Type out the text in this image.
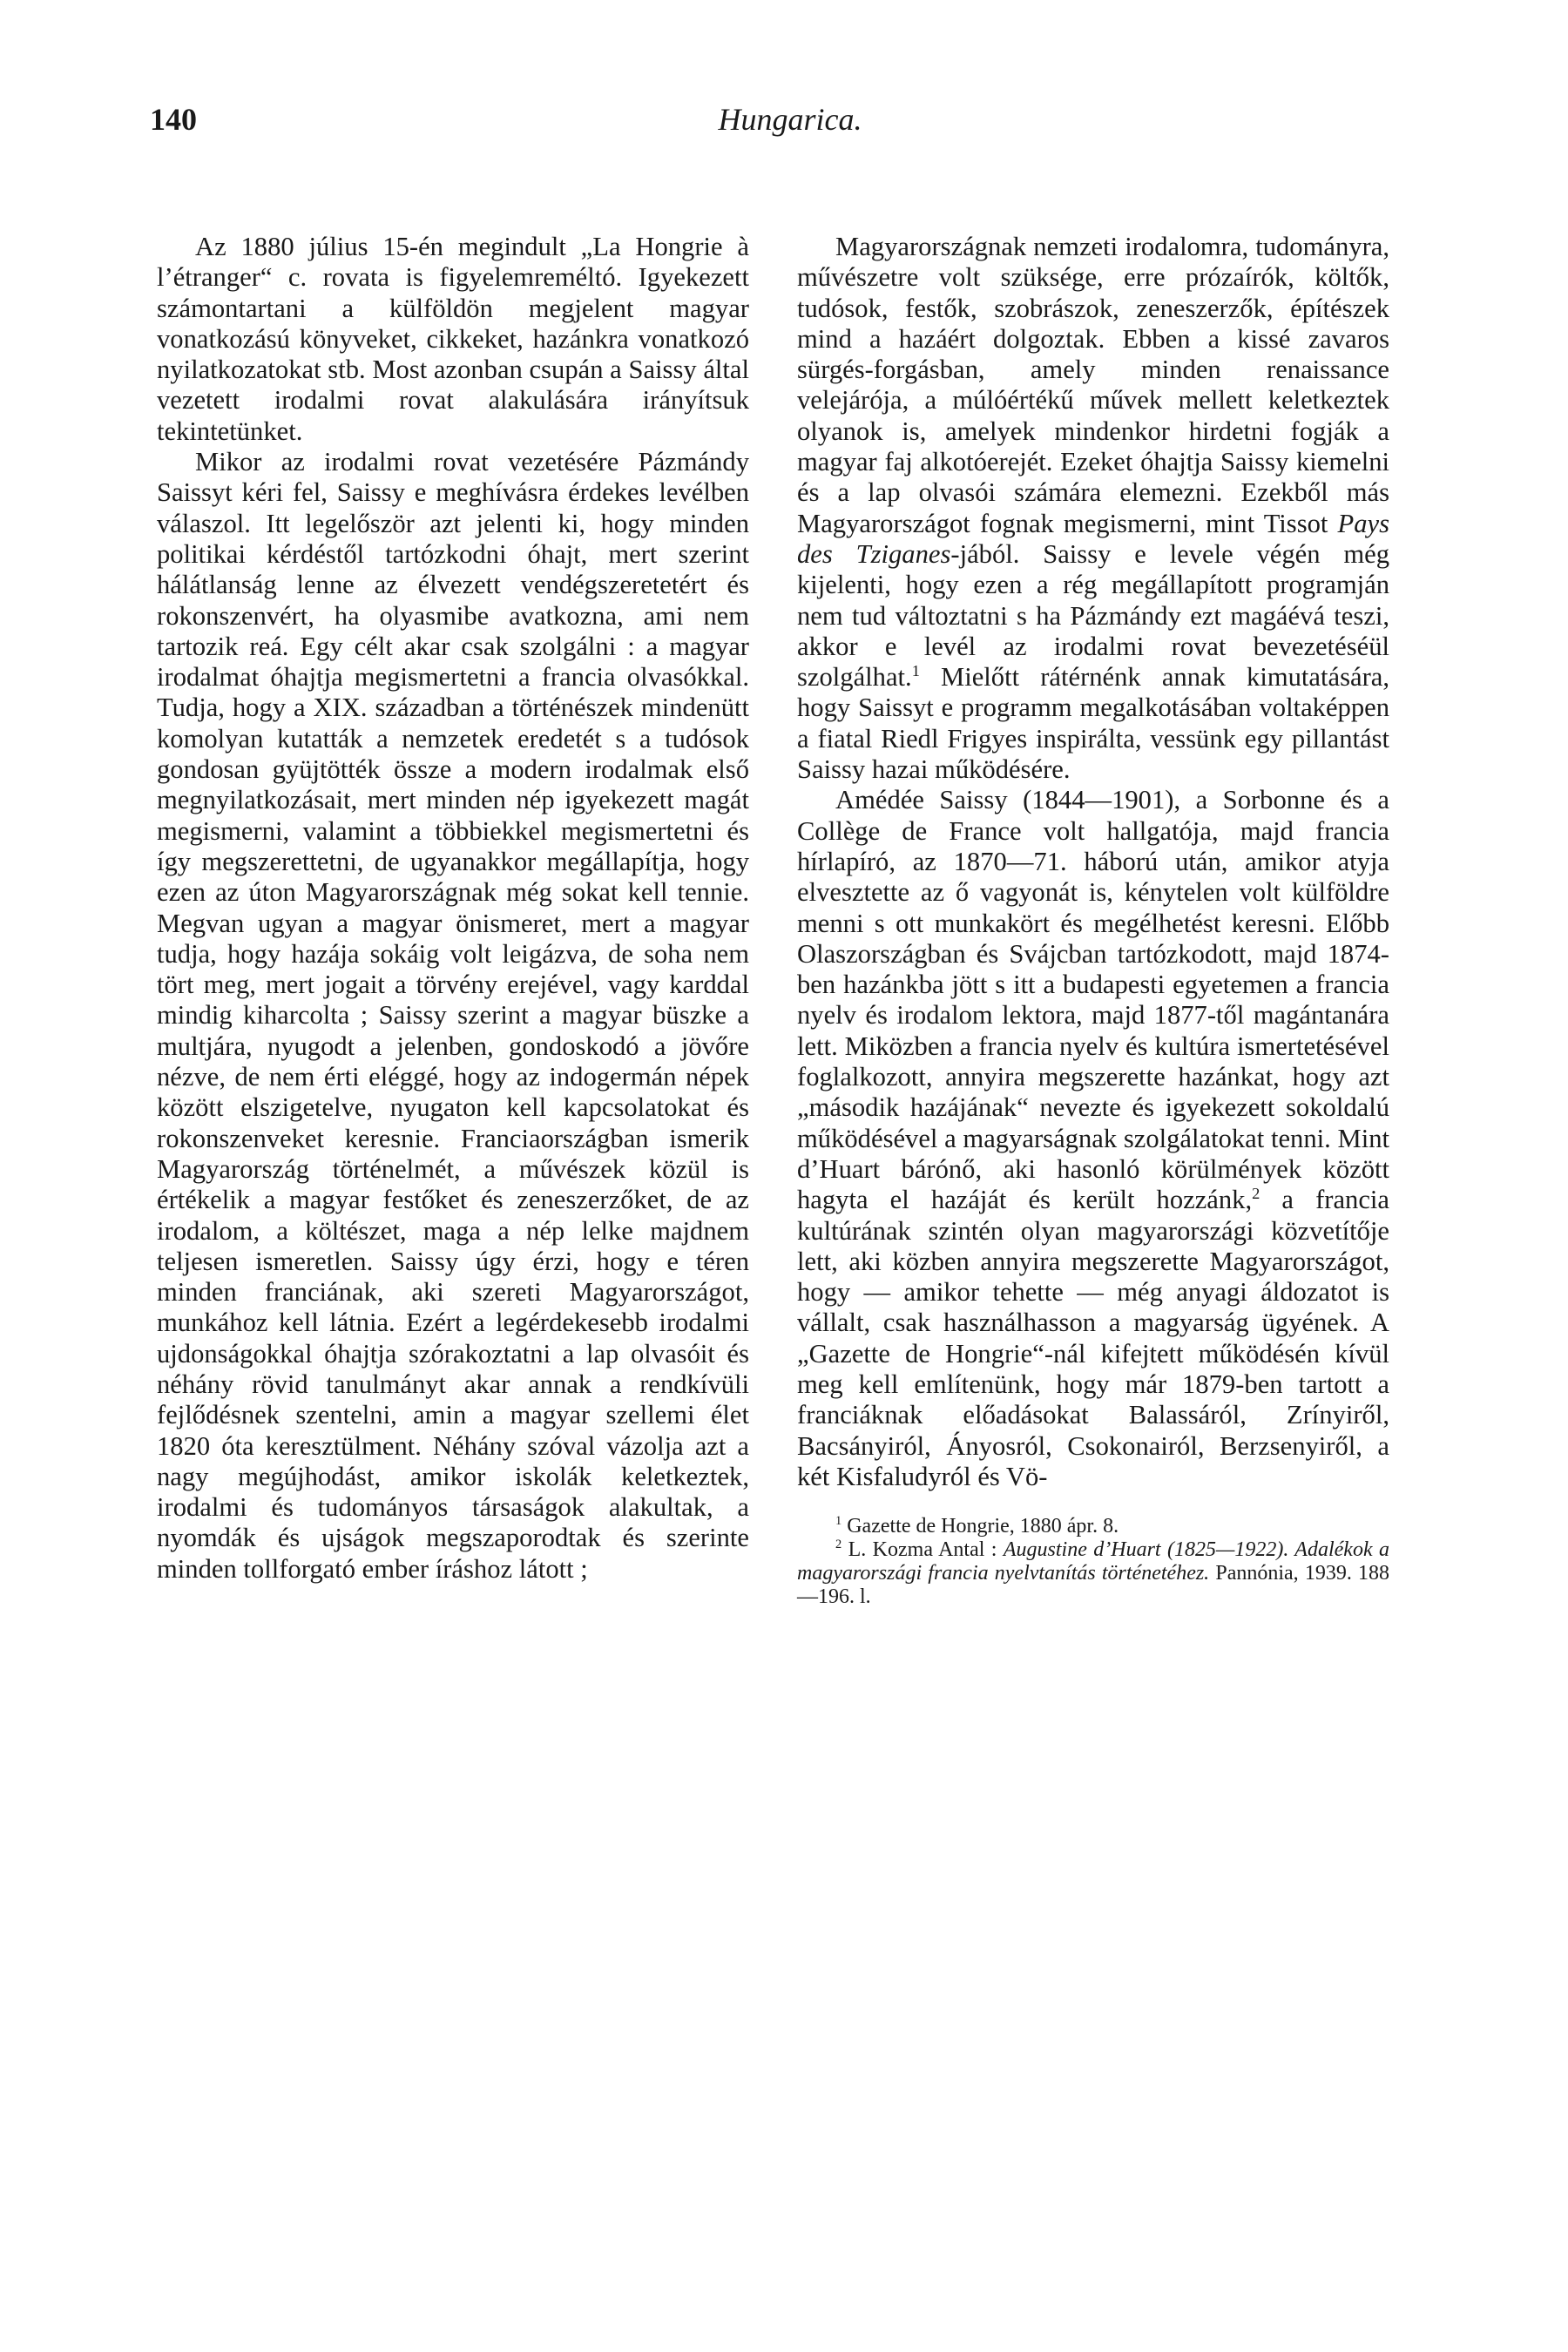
140	Hungarica.

Az 1880 július 15-én megindult „La Hongrie à l’étranger“ c. rovata is figyelemreméltó. Igyekezett számontartani a külföldön megjelent magyar vonatkozású könyveket, cikkeket, hazánkra vonatkozó nyilatkozatokat stb. Most azonban csupán a Saissy által vezetett irodalmi rovat alakulására irányítsuk tekintetünket.

Mikor az irodalmi rovat vezetésére Pázmándy Saissyt kéri fel, Saissy e meghívásra érdekes levélben válaszol. Itt legelőször azt jelenti ki, hogy minden politikai kérdéstől tartózkodni óhajt, mert szerint hálátlanság lenne az élvezett vendégszeretetért és rokonszenvért, ha olyasmibe avatkozna, ami nem tartozik reá. Egy célt akar csak szolgálni : a magyar irodalmat óhajtja megismertetni a francia olvasókkal. Tudja, hogy a XIX. században a történészek mindenütt komolyan kutatták a nemzetek eredetét s a tudósok gondosan gyüjtötték össze a modern irodalmak első megnyilatkozásait, mert minden nép igyekezett magát megismerni, valamint a többiekkel megismertetni és így megszerettetni, de ugyanakkor megállapítja, hogy ezen az úton Magyarországnak még sokat kell tennie. Megvan ugyan a magyar önismeret, mert a magyar tudja, hogy hazája sokáig volt leigázva, de soha nem tört meg, mert jogait a törvény erejével, vagy karddal mindig kiharcolta ; Saissy szerint a magyar büszke a multjára, nyugodt a jelenben, gondoskodó a jövőre nézve, de nem érti eléggé, hogy az indogermán népek között elszigetelve, nyugaton kell kapcsolatokat és rokonszenveket keresnie. Franciaországban ismerik Magyarország történelmét, a művészek közül is értékelik a magyar festőket és zeneszerzőket, de az irodalom, a költészet, maga a nép lelke majdnem teljesen ismeretlen. Saissy úgy érzi, hogy e téren minden franciának, aki szereti Magyarországot, munkához kell látnia. Ezért a legérdekesebb irodalmi ujdonságokkal óhajtja szórakoztatni a lap olvasóit és néhány rövid tanulmányt akar annak a rendkívüli fejlődésnek szentelni, amin a magyar szellemi élet 1820 óta keresztülment. Néhány szóval vázolja azt a nagy megújhodást, amikor iskolák keletkeztek, irodalmi és tudományos társaságok alakultak, a nyomdák és ujságok megszaporodtak és szerinte minden tollforgató ember íráshoz látott ;

Magyarországnak nemzeti irodalomra, tudományra, művészetre volt szüksége, erre prózaírók, költők, tudósok, festők, szobrászok, zeneszerzők, építészek mind a hazáért dolgoztak. Ebben a kissé zavaros sürgés-forgásban, amely minden renaissance velejárója, a múlóértékű művek mellett keletkeztek olyanok is, amelyek mindenkor hirdetni fogják a magyar faj alkotóerejét. Ezeket óhajtja Saissy kiemelni és a lap olvasói számára elemezni. Ezekből más Magyarországot fognak megismerni, mint Tissot Pays des Tziganes-jából. Saissy e levele végén még kijelenti, hogy ezen a rég megállapított programján nem tud változtatni s ha Pázmándy ezt magáévá teszi, akkor e levél az irodalmi rovat bevezetéséül szolgálhat.$^1$ Mielőtt rátérnénk annak kimutatására, hogy Saissyt e programm megalkotásában voltaképpen a fiatal Riedl Frigyes inspirálta, vessünk egy pillantást Saissy hazai működésére.

Amédée Saissy (1844—1901), a Sorbonne és a Collège de France volt hallgatója, majd francia hírlapíró, az 1870—71. háború után, amikor atyja elvesztette az ő vagyonát is, kénytelen volt külföldre menni s ott munkakört és megélhetést keresni. Előbb Olaszországban és Svájcban tartózkodott, majd 1874-ben hazánkba jött s itt a budapesti egyetemen a francia nyelv és irodalom lektora, majd 1877-től magántanára lett. Miközben a francia nyelv és kultúra ismertetésével foglalkozott, annyira megszerette hazánkat, hogy azt „második hazájának“ nevezte és igyekezett sokoldalú működésével a magyarságnak szolgálatokat tenni. Mint d’Huart bárónő, aki hasonló körülmények között hagyta el hazáját és került hozzánk,$^2$ a francia kultúrának szintén olyan magyarországi közvetítője lett, aki közben annyira megszerette Magyarországot, hogy — amikor tehette — még anyagi áldozatot is vállalt, csak használhasson a magyarság ügyének. A „Gazette de Hongrie“-nál kifejtett működésén kívül meg kell említenünk, hogy már 1879-ben tartott a franciáknak előadásokat Balassáról, Zrínyiről, Bacsányiról, Ányosról, Csokonairól, Berzsenyiről, a két Kisfaludyról és Vö-

$^1$ Gazette de Hongrie, 1880 ápr. 8.

$^2$ L. Kozma Antal : Augustine d’Huart (1825—1922). Adalékok a magyarországi francia nyelvtanítás történetéhez. Pannónia, 1939. 188—196. l.
